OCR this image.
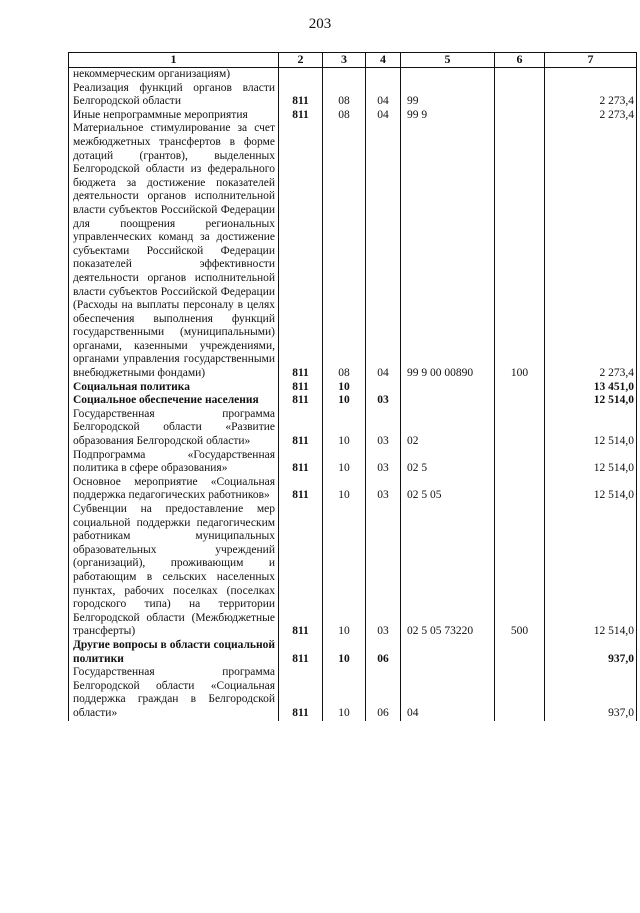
203
1	2	3	4	5	6	7
некоммерческим организациям)						
Реализация функций органов власти Белгородской области	811	08	04	99		2 273,4
Иные непрограммные мероприятия	811	08	04	99 9		2 273,4
Материальное стимулирование за счет межбюджетных трансфертов в форме дотаций (грантов), выделенных Белгородской области из федерального бюджета за достижение показателей деятельности органов исполнительной власти субъектов Российской Федерации для поощрения региональных управленческих команд за достижение субъектами Российской Федерации показателей эффективности деятельности органов исполнительной власти субъектов Российской Федерации (Расходы на выплаты персоналу в целях обеспечения выполнения функций государственными (муниципальными) органами, казенными учреждениями, органами управления государственными внебюджетными фондами)	811	08	04	99 9 00 00890	100	2 273,4
Социальная политика	811	10				13 451,0
Социальное обеспечение населения	811	10	03			12 514,0
Государственная программа Белгородской области «Развитие образования Белгородской области»	811	10	03	02		12 514,0
Подпрограмма «Государственная политика в сфере образования»	811	10	03	02 5		12 514,0
Основное мероприятие «Социальная поддержка педагогических работников»	811	10	03	02 5 05		12 514,0
Субвенции на предоставление мер социальной поддержки педагогическим работникам муниципальных образовательных учреждений (организаций), проживающим и работающим в сельских населенных пунктах, рабочих поселках (поселках городского типа) на территории Белгородской области (Межбюджетные трансферты)	811	10	03	02 5 05 73220	500	12 514,0
Другие вопросы в области социальной политики	811	10	06			937,0
Государственная программа Белгородской области «Социальная поддержка граждан в Белгородской области»	811	10	06	04		937,0
